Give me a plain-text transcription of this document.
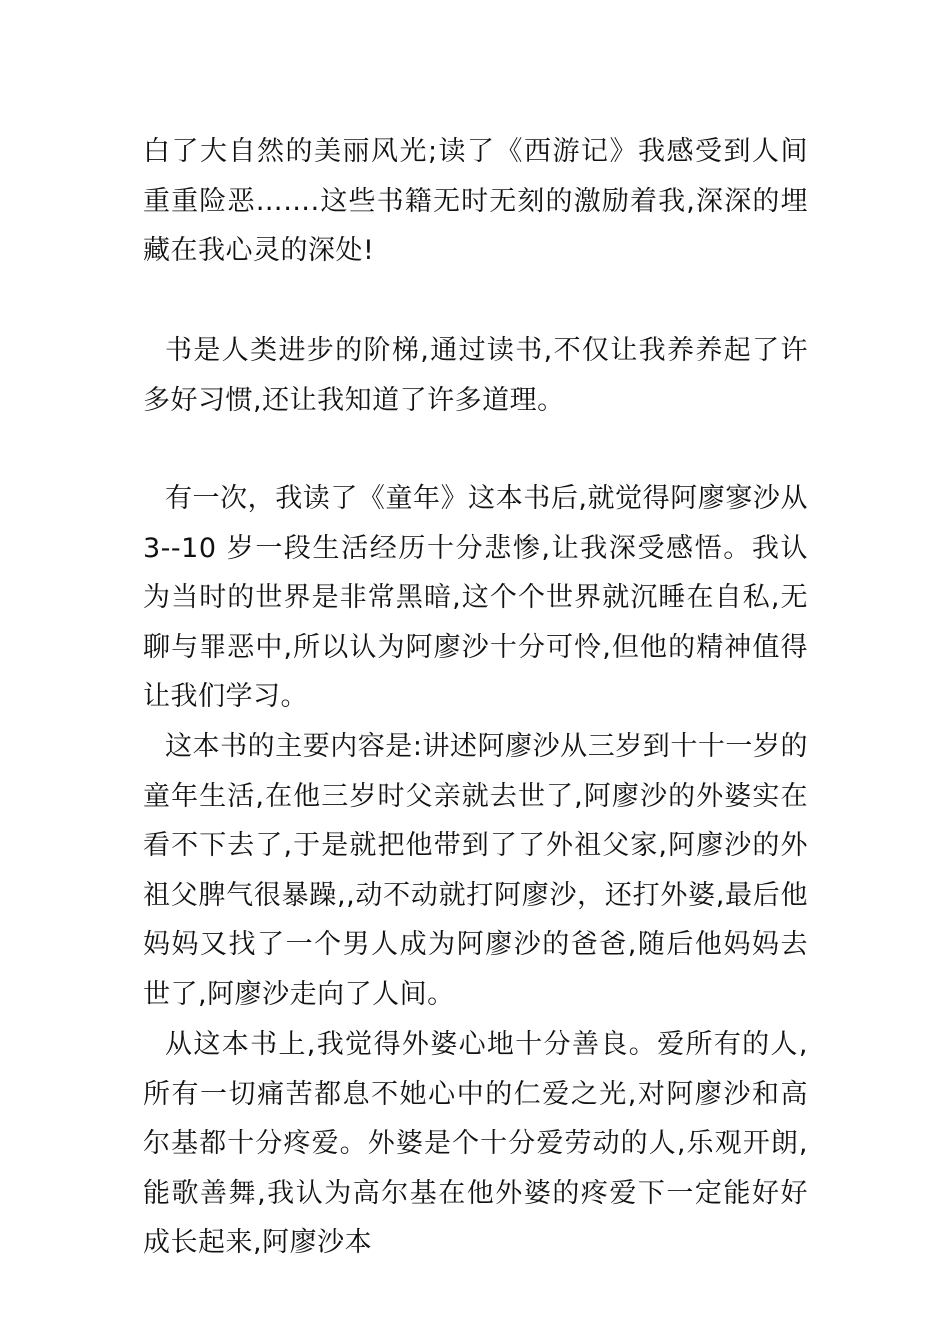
白了大自然的美丽风光;读了《西游记》我感受到人间重重险恶…….这些书籍无时无刻的激励着我,深深的埋藏在我心灵的深处!

书是人类进步的阶梯,通过读书,不仅让我养养起了许多好习惯,还让我知道了许多道理。

有一次，我读了《童年》这本书后,就觉得阿廖寥沙从 3--10 岁一段生活经历十分悲惨,让我深受感悟。我认为当时的世界是非常黑暗,这个个世界就沉睡在自私,无聊与罪恶中,所以认为阿廖沙十分可怜,但他的精神值得让我们学习。

这本书的主要内容是:讲述阿廖沙从三岁到十十一岁的童年生活,在他三岁时父亲就去世了,阿廖沙的外婆实在看不下去了,于是就把他带到了了外祖父家,阿廖沙的外祖父脾气很暴躁,,动不动就打阿廖沙，还打外婆,最后他妈妈又找了一个男人成为阿廖沙的爸爸,随后他妈妈去世了,阿廖沙走向了人间。

从这本书上,我觉得外婆心地十分善良。爱所有的人,所有一切痛苦都息不她心中的仁爱之光,对阿廖沙和高尔基都十分疼爱。外婆是个十分爱劳动的人,乐观开朗,能歌善舞,我认为高尔基在他外婆的疼爱下一定能好好成长起来,阿廖沙本
